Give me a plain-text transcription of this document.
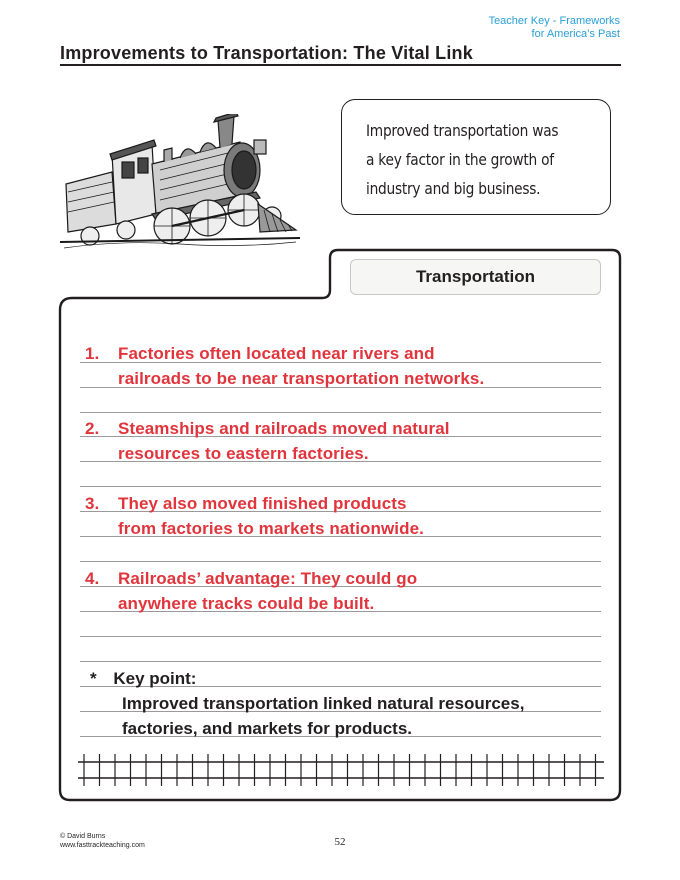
Teacher Key - Frameworks
for America’s Past
Improvements to Transportation: The Vital Link
Improved transportation was
a key factor in the growth of
industry and big business.
Transportation
1. Factories often located near rivers and
railroads to be near transportation networks.
2. Steamships and railroads moved natural
resources to eastern factories.
3. They also moved finished products
from factories to markets nationwide.
4. Railroads’ advantage: They could go
anywhere tracks could be built.
* Key point:
Improved transportation linked natural resources,
factories, and markets for products.
© David Burns
www.fasttrackteaching.com	52
